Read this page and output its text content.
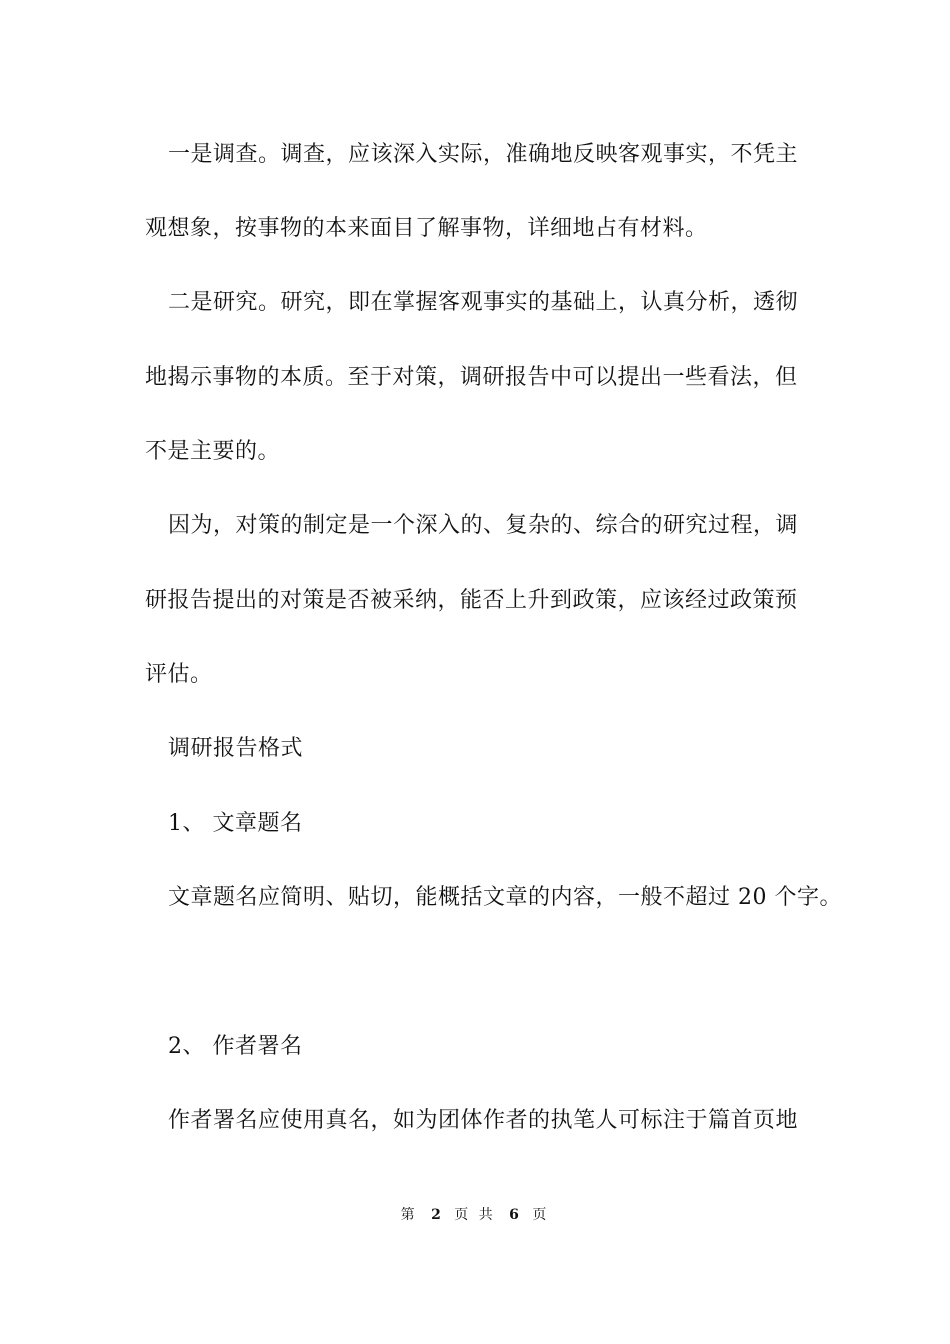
一是调查。调查，应该深入实际，准确地反映客观事实，不凭主
观想象，按事物的本来面目了解事物，详细地占有材料。
二是研究。研究，即在掌握客观事实的基础上，认真分析，透彻
地揭示事物的本质。至于对策，调研报告中可以提出一些看法，但
不是主要的。
因为，对策的制定是一个深入的、复杂的、综合的研究过程，调
研报告提出的对策是否被采纳，能否上升到政策，应该经过政策预
评估。
调研报告格式
1、 文章题名
文章题名应简明、贴切，能概括文章的内容，一般不超过 20 个字。
2、 作者署名
作者署名应使用真名，如为团体作者的执笔人可标注于篇首页地
第 2 页 共 6 页
